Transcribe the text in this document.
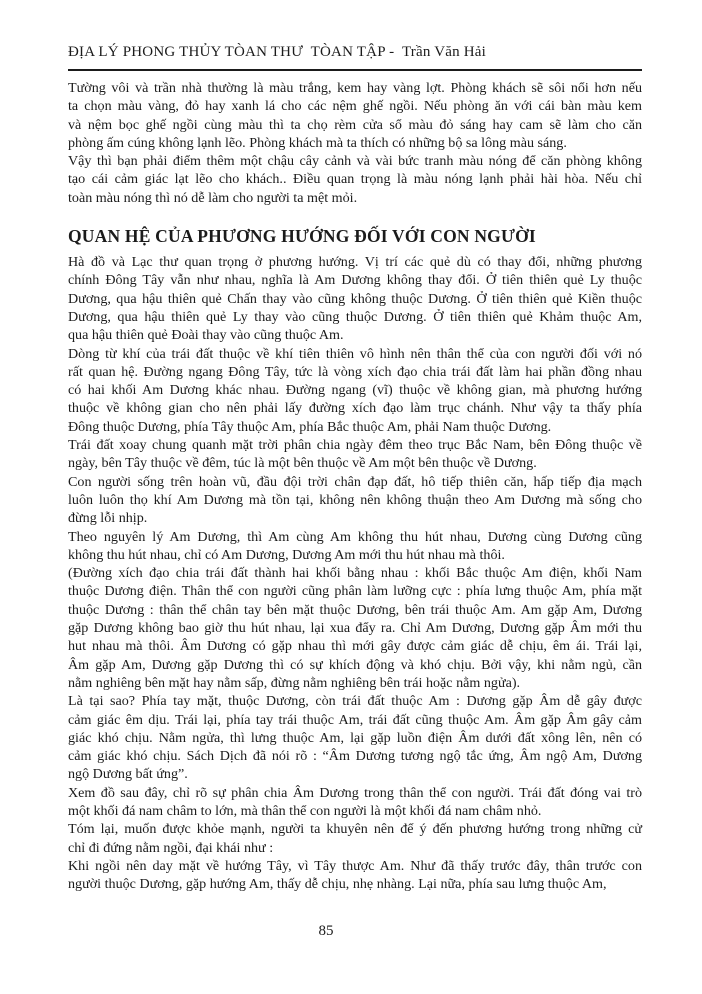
ĐỊA LÝ PHONG THỦY TÒAN THƯ  TÒAN TẬP -  Trần Văn Hải
Tường vôi và trần nhà thường là màu trắng, kem hay vàng lợt. Phòng khách sẽ sôi nổi hơn nếu
ta chọn màu vàng, đỏ hay xanh lá cho các nệm ghế ngồi. Nếu phòng ăn với cái bàn màu kem
và nệm bọc ghế ngồi cùng màu thì ta chọ rèm cửa sổ màu đỏ sáng hay cam sẽ làm cho căn
phòng ấm cúng không lạnh lẽo. Phòng khách mà ta thích có những bộ sa lông màu sáng.
Vậy thì bạn phải điểm thêm một chậu cây cảnh và vài bức tranh màu nóng để căn phòng không
tạo cái cảm giác lạt lẽo cho khách.. Điều quan trọng là màu nóng lạnh phải hài hòa. Nếu chỉ
toàn màu nóng thì nó dễ làm cho người ta mệt mỏi.
QUAN HỆ CỦA PHƯƠNG HƯỚNG ĐỐI VỚI CON NGƯỜI
Hà đồ và Lạc thư quan trọng ở phương hướng. Vị trí các quẻ dù có thay đổi, những phương
chính Đông Tây vẫn như nhau, nghĩa là Am Dương không thay đổi. Ở tiên thiên quẻ Ly thuộc
Dương, qua hậu thiên quẻ Chấn thay vào cũng không thuộc Dương. Ở tiên thiên quẻ Kiền thuộc
Dương, qua hậu thiên quẻ Ly thay vào cũng thuộc Dương. Ở tiên thiên quẻ Khảm thuộc Am,
qua hậu thiên quẻ Đoài thay vào cũng thuộc Am.
Dòng từ khí của trái đất thuộc về khí tiên thiên vô hình nên thân thể của con người đối với nó
rất quan hệ. Đường ngang Đông Tây, tức là vòng xích đạo chia trái đất làm hai phần đồng nhau
có hai khối Am Dương khác nhau. Đường ngang (vĩ) thuộc về không gian, mà phương hướng
thuộc về không gian cho nên phải lấy đường xích đạo làm trục chánh. Như vậy ta thấy phía
Đông thuộc Dương, phía Tây thuộc Am, phía Bắc thuộc Am, phải Nam thuộc Dương.
Trái đất xoay chung quanh mặt trời phân chia ngày đêm theo trục Bắc Nam, bên Đông thuộc về
ngày, bên Tây thuộc về đêm, túc là một bên thuộc về Am một bên thuộc về Dương.
Con người sống trên hoàn vũ, đầu đội trời chân đạp đất, hô tiếp thiên căn, hấp tiếp địa mạch
luôn luôn thọ khí Am Dương mà tồn tại, không nên không thuận theo Am Dương mà sống cho
đừng lỗi nhịp.
Theo nguyên lý Am Dương, thì Am cùng Am không thu hút nhau, Dương cùng Dương cũng
không thu hút nhau, chỉ có Am Dương, Dương Am mới thu hút nhau mà thôi.
(Đường xích đạo chia trái đất thành hai khối bằng nhau : khối Bắc thuộc Am điện, khối Nam
thuộc Dương điện. Thân thể con người cũng phân làm lưỡng cực : phía lưng thuộc Am, phía mặt
thuộc Dương : thân thể chân tay bên mặt thuộc Dương, bên trái thuộc Am. Am gặp Am, Dương
gặp Dương không bao giờ thu hút nhau, lại xua đẩy ra. Chỉ Am Dương, Dương gặp Âm mới thu
hut nhau mà thôi. Âm Dương có gặp nhau thì mới gây được cảm giác dễ chịu, êm ái. Trái lại,
Âm gặp Am, Dương gặp Dương thì có sự khích động và khó chịu. Bởi vậy, khi nằm ngủ, cần
nằm nghiêng bên mặt hay nằm sấp, đừng nằm nghiêng bên trái hoặc nằm ngửa).
Là tại sao? Phía tay mặt, thuộc Dương, còn trái đất thuộc Am : Dương gặp Âm dễ gây được
cảm giác êm dịu. Trái lại, phía tay trái thuộc Am, trái đất cũng thuộc Am. Âm gặp Âm gây cảm
giác khó chịu. Nằm ngửa, thì lưng thuộc Am, lại gặp luồn điện Âm dưới đất xông lên, nên có
cảm giác khó chịu. Sách Dịch đã nói rõ : “Âm Dương tương ngộ tắc ứng, Âm ngộ Am, Dương
ngộ Dương bất ứng”.
Xem đồ sau đây, chỉ rõ sự phân chia Âm Dương trong thân thể con người. Trái đất đóng vai trò
một khối đá nam châm to lớn, mà thân thể con người là một khối đá nam châm nhỏ.
Tóm lại, muốn được khỏe mạnh, người ta khuyên nên để ý đến phương hướng trong những cử
chỉ đi đứng nằm ngồi, đại khái như :
Khi ngồi nên day mặt về hướng Tây, vì Tây thược Am. Như đã thấy trước đây, thân trước con
người thuộc Dương, gặp hướng Am, thấy dễ chịu, nhẹ nhàng. Lại nữa, phía sau lưng thuộc Am,
85
